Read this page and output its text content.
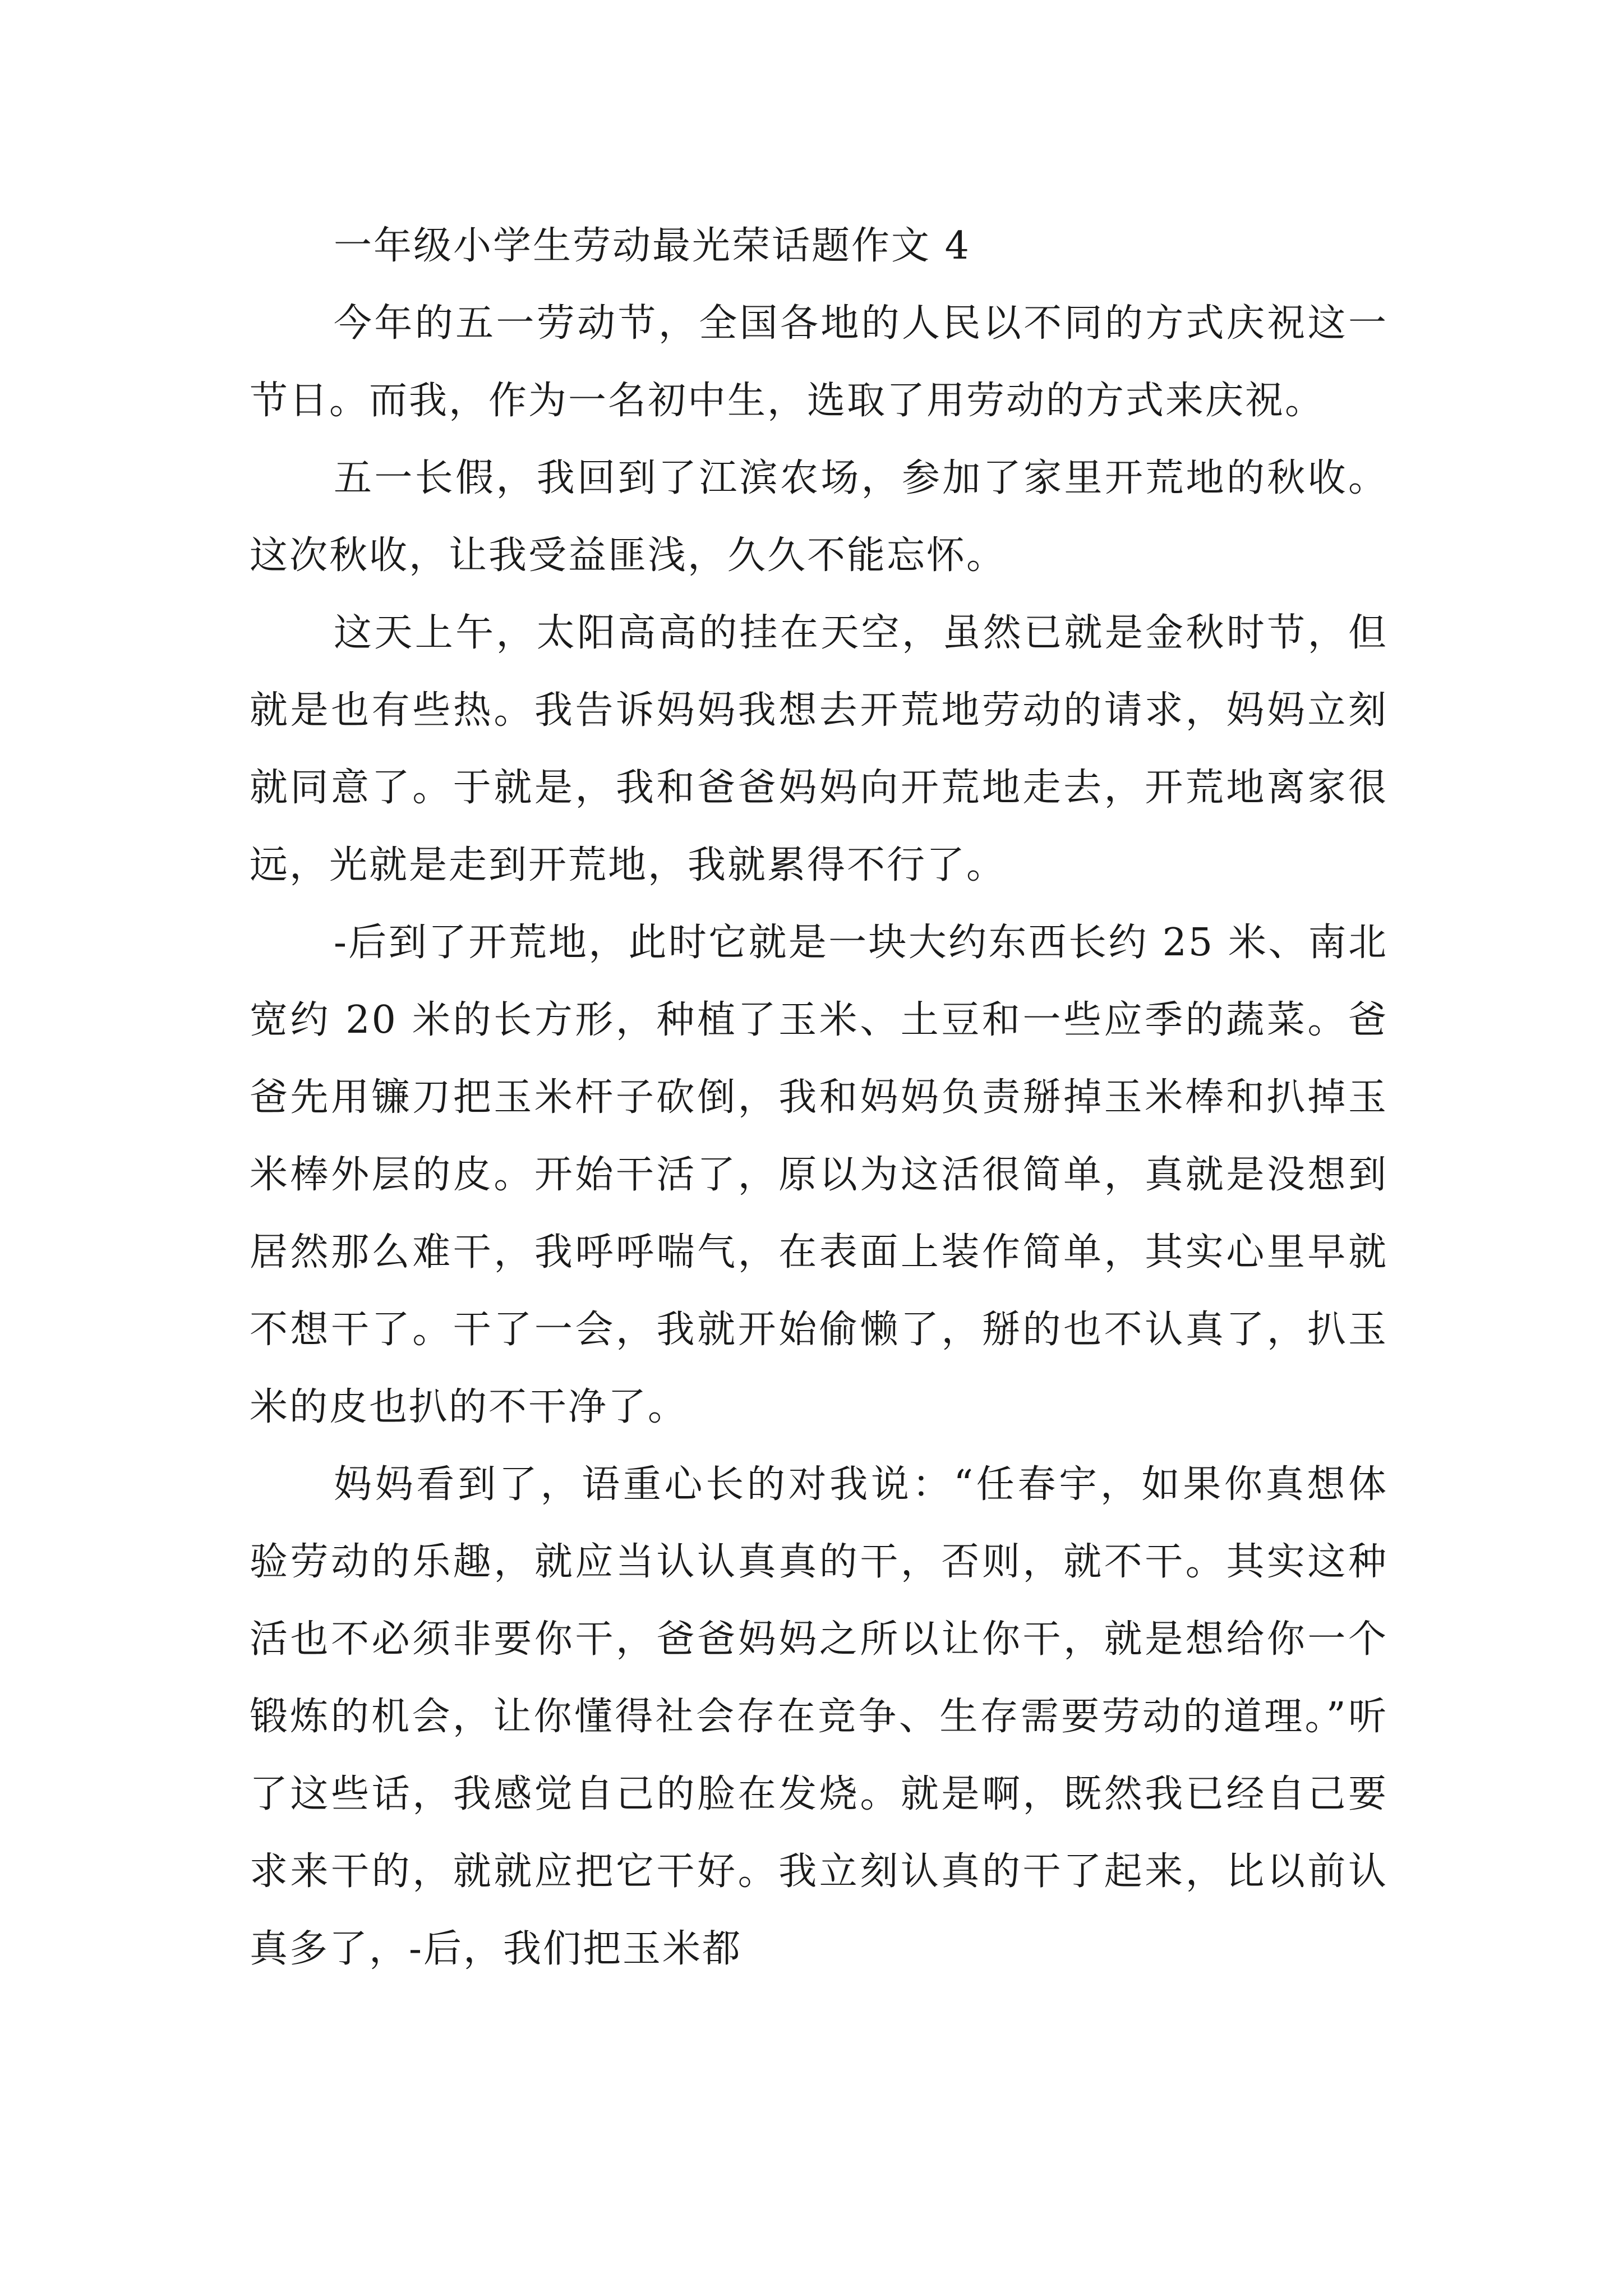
一年级小学生劳动最光荣话题作文 4

今年的五一劳动节，全国各地的人民以不同的方式庆祝这一节日。而我，作为一名初中生，选取了用劳动的方式来庆祝。

五一长假，我回到了江滨农场，参加了家里开荒地的秋收。这次秋收，让我受益匪浅，久久不能忘怀。

这天上午，太阳高高的挂在天空，虽然已就是金秋时节，但就是也有些热。我告诉妈妈我想去开荒地劳动的请求，妈妈立刻就同意了。于就是，我和爸爸妈妈向开荒地走去，开荒地离家很远，光就是走到开荒地，我就累得不行了。

-后到了开荒地，此时它就是一块大约东西长约 25 米、南北宽约 20 米的长方形，种植了玉米、土豆和一些应季的蔬菜。爸爸先用镰刀把玉米杆子砍倒，我和妈妈负责掰掉玉米棒和扒掉玉米棒外层的皮。开始干活了，原以为这活很简单，真就是没想到居然那么难干，我呼呼喘气，在表面上装作简单，其实心里早就不想干了。干了一会，我就开始偷懒了，掰的也不认真了，扒玉米的皮也扒的不干净了。

妈妈看到了，语重心长的对我说：“任春宇，如果你真想体验劳动的乐趣，就应当认认真真的干，否则，就不干。其实这种活也不必须非要你干，爸爸妈妈之所以让你干，就是想给你一个锻炼的机会，让你懂得社会存在竞争、生存需要劳动的道理。”听了这些话，我感觉自己的脸在发烧。就是啊，既然我已经自己要求来干的，就就应把它干好。我立刻认真的干了起来，比以前认真多了，-后，我们把玉米都
